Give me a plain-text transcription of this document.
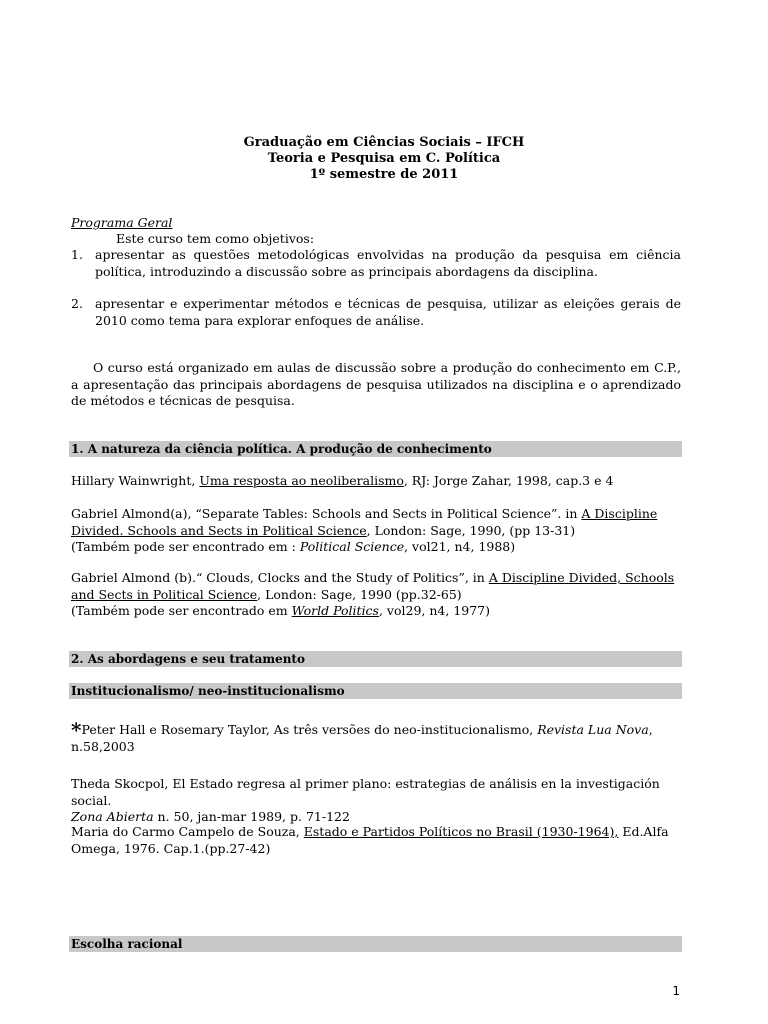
Graduação em Ciências Sociais – IFCH
Teoria e Pesquisa em C. Política
1º semestre de 2011
Programa Geral
Este curso tem como objetivos:
1. apresentar as questões metodológicas envolvidas na produção da pesquisa em ciência política, introduzindo a discussão sobre as principais abordagens da disciplina.
2. apresentar e experimentar métodos e técnicas de pesquisa, utilizar as eleições gerais de 2010 como tema para explorar enfoques de análise.
O curso está organizado em aulas de discussão sobre a produção do conhecimento em C.P., a apresentação das principais abordagens de pesquisa utilizados na disciplina e o aprendizado de métodos e técnicas de pesquisa.
1. A natureza da ciência política. A produção de conhecimento
Hillary Wainwright, Uma resposta ao neoliberalismo, RJ: Jorge Zahar, 1998, cap.3 e 4
Gabriel Almond(a), “Separate Tables: Schools and Sects in Political Science”. in A Discipline Divided. Schools and Sects in Political Science, London: Sage, 1990, (pp 13-31)
(Também pode ser encontrado em : Political Science, vol21, n4, 1988)
Gabriel Almond (b).“ Clouds, Clocks and the Study of Politics”, in A Discipline Divided, Schools and Sects in Political Science, London: Sage, 1990 (pp.32-65)
(Também pode ser encontrado em World Politics, vol29, n4, 1977)
2. As abordagens e seu tratamento
Institucionalismo/ neo-institucionalismo
*Peter Hall e Rosemary Taylor, As três versões do neo-institucionalismo, Revista Lua Nova, n.58,2003
Theda Skocpol, El Estado regresa al primer plano: estrategias de análisis en la investigación social.
Zona Abierta n. 50, jan-mar 1989, p. 71-122
Maria do Carmo Campelo de Souza, Estado e Partidos Políticos no Brasil (1930-1964), Ed.Alfa Omega, 1976. Cap.1.(pp.27-42)
Escolha racional
1
